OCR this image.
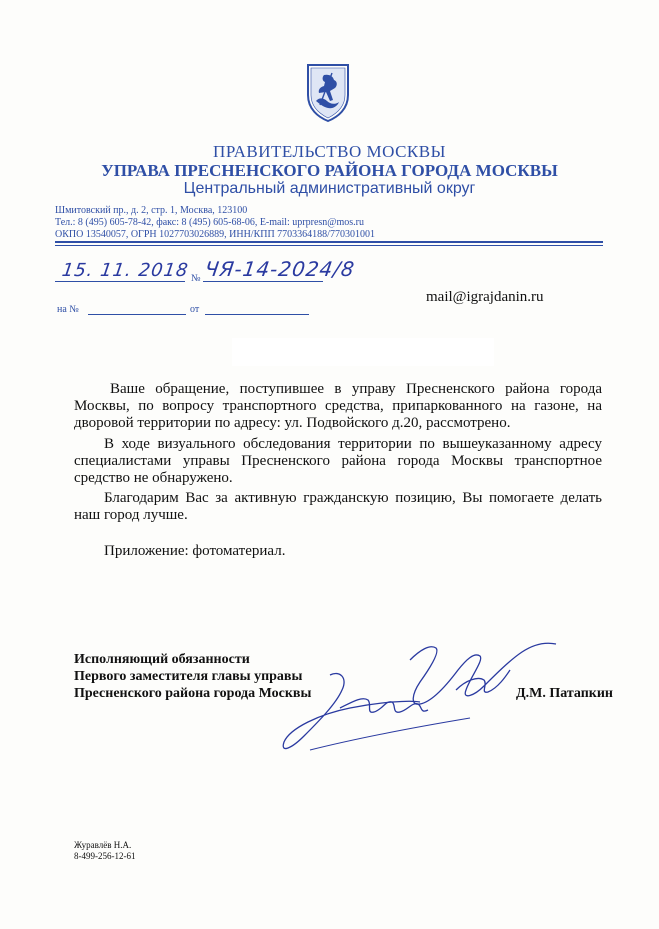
ПРАВИТЕЛЬСТВО МОСКВЫ
УПРАВА ПРЕСНЕНСКОГО РАЙОНА ГОРОДА МОСКВЫ
Центральный административный округ
Шмитовский пр., д. 2, стр. 1, Москва, 123100
Тел.: 8 (495) 605-78-42, факс: 8 (495) 605-68-06, E-mail: uprpresn@mos.ru
ОКПО 13540057, ОГРН 1027703026889, ИНН/КПП 7703364188/770301001
15. 11. 2018 № ЧЯ-14-2024/8
на №	от
mail@igrajdanin.ru
Ваше обращение, поступившее в управу Пресненского района города Москвы, по вопросу транспортного средства, припаркованного на газоне, на дворовой территории по адресу: ул. Подвойского д.20, рассмотрено.
В ходе визуального обследования территории по вышеуказанному адресу специалистами управы Пресненского района города Москвы транспортное средство не обнаружено.
Благодарим Вас за активную гражданскую позицию, Вы помогаете делать наш город лучше.
Приложение: фотоматериал.
Исполняющий обязанности
Первого заместителя главы управы
Пресненского района города Москвы	Д.М. Патапкин
Журавлёв Н.А.
8-499-256-12-61
